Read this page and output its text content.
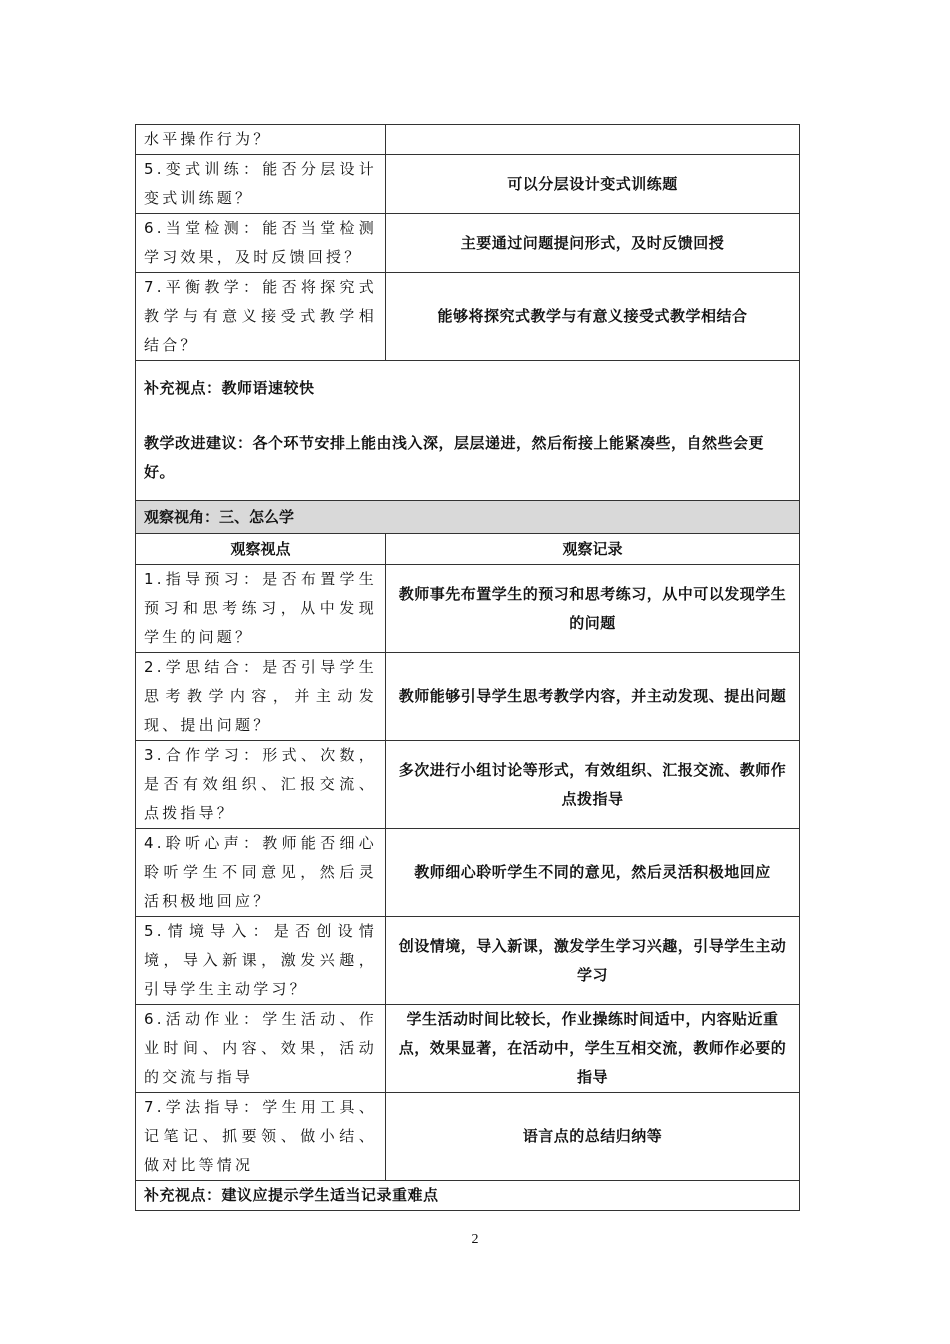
水平操作行为？	
5.变式训练：能否分层设计变式训练题？	可以分层设计变式训练题
6.当堂检测：能否当堂检测学习效果，及时反馈回授？	主要通过问题提问形式，及时反馈回授
7.平衡教学：能否将探究式教学与有意义接受式教学相结合？	能够将探究式教学与有意义接受式教学相结合

补充视点：教师语速较快
教学改进建议：各个环节安排上能由浅入深，层层递进，然后衔接上能紧凑些，自然些会更好。	

观察视角：三、怎么学	
观察视点	观察记录
1.指导预习：是否布置学生预习和思考练习，从中发现学生的问题？	教师事先布置学生的预习和思考练习，从中可以发现学生的问题
2.学思结合：是否引导学生思考教学内容，并主动发现、提出问题？	教师能够引导学生思考教学内容，并主动发现、提出问题
3.合作学习：形式、次数，是否有效组织、汇报交流、点拨指导？	多次进行小组讨论等形式，有效组织、汇报交流、教师作点拨指导
4.聆听心声：教师能否细心聆听学生不同意见，然后灵活积极地回应？	教师细心聆听学生不同的意见，然后灵活积极地回应
5.情境导入：是否创设情境，导入新课，激发兴趣，引导学生主动学习？	创设情境，导入新课，激发学生学习兴趣，引导学生主动学习
6.活动作业：学生活动、作业时间、内容、效果，活动的交流与指导	学生活动时间比较长，作业操练时间适中，内容贴近重点，效果显著，在活动中，学生互相交流，教师作必要的指导
7.学法指导：学生用工具、记笔记、抓要领、做小结、做对比等情况	语言点的总结归纳等
补充视点：建议应提示学生适当记录重难点	
2
